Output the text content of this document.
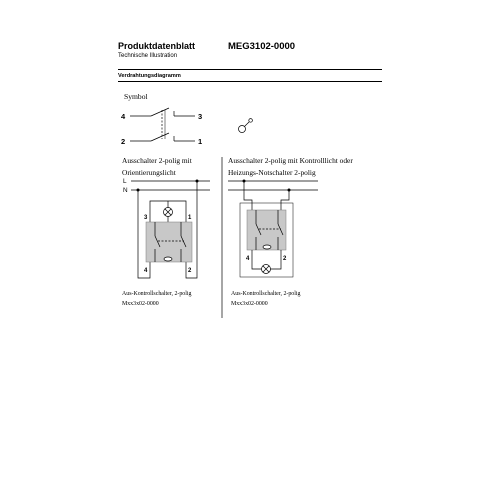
Produktdatenblatt	MEG3102-0000
Technische Illustration
Verdrahtungsdiagramm
Symbol
Ausschalter 2-polig mit
Orientierungslicht
Ausschalter 2-polig mit Kontrolllicht oder
Heizungs-Notschalter 2-polig
Aus-Kontrollschalter, 2-polig
Mxx3x02-0000
Aus-Kontrollschalter, 2-polig
Mxx3x02-0000
4	3
2	1
L
N
3	1
4	2
4	2
